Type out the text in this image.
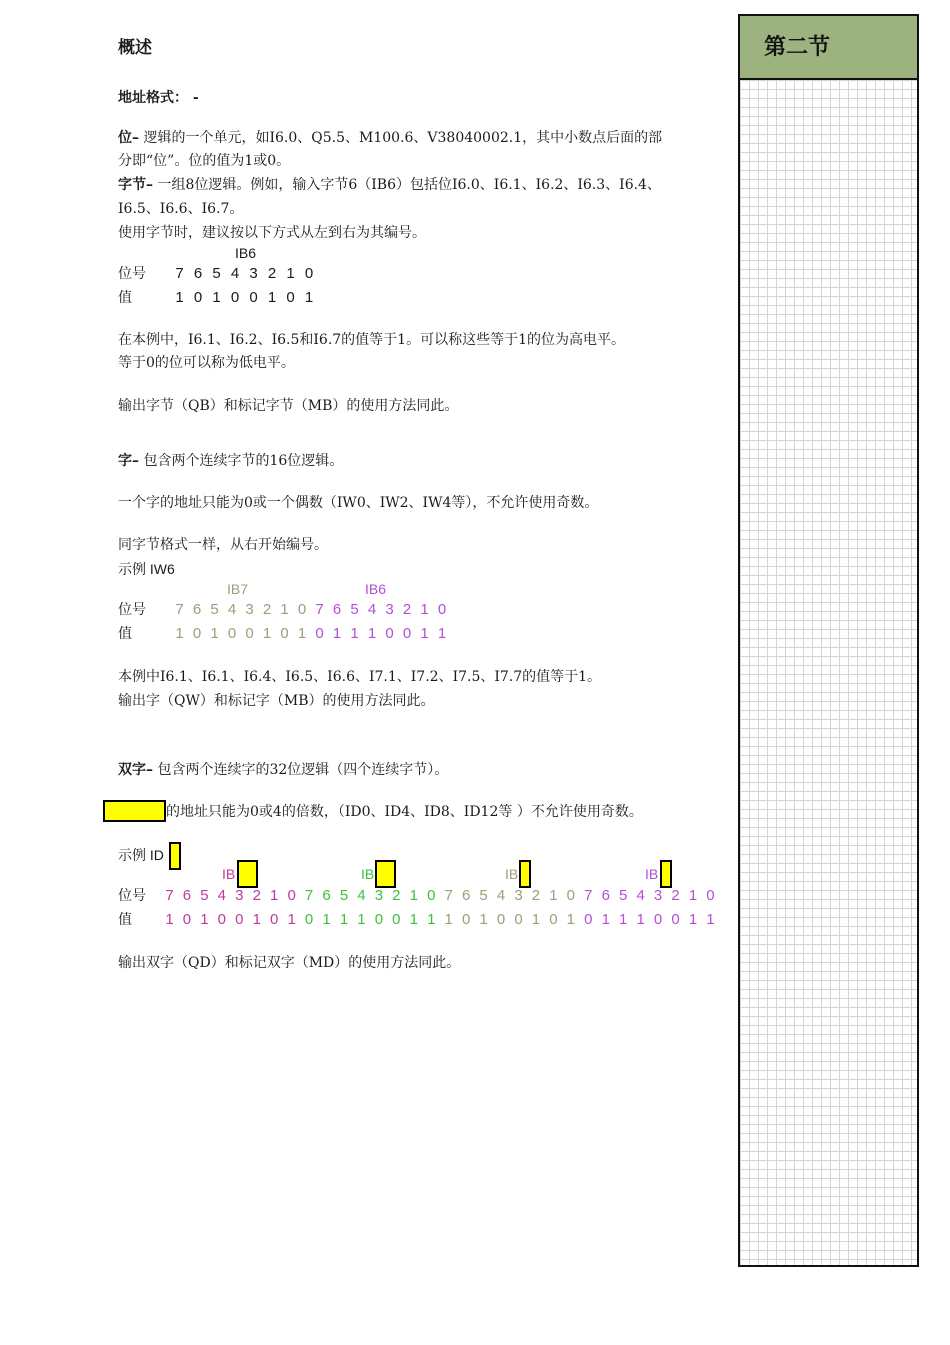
概述
地址格式： -
位– 逻辑的一个单元，如I6.0、Q5.5、M100.6、V38040002.1，其中小数点后面的部
分即“位”。位的值为1或0。
字节– 一组8位逻辑。例如，输入字节6（IB6）包括位I6.0、I6.1、I6.2、I6.3、I6.4、
I6.5、I6.6、I6.7。
使用字节时，建议按以下方式从左到右为其编号。
IB6
位号 7 6 5 4 3 2 1 0
值	1 0 1 0 0 1 0 1
在本例中，I6.1、I6.2、I6.5和I6.7的值等于1。可以称这些等于1的位为高电平。
等于0的位可以称为低电平。
输出字节（QB）和标记字节（MB）的使用方法同此。
字– 包含两个连续字节的16位逻辑。
一个字的地址只能为0或一个偶数（IW0、IW2、IW4等），不允许使用奇数。
同字节格式一样，从右开始编号。
示例 IW6
IB7	IB6
位号 7 6 5 4 3 2 1 0 7 6 5 4 3 2 1 0
值	1 0 1 0 0 1 0 1 0 1 1 1 0 0 1 1
本例中I6.1、I6.1、I6.4、I6.5、I6.6、I7.1、I7.2、I7.5、I7.7的值等于1。
输出字（QW）和标记字（MB）的使用方法同此。
双字– 包含两个连续字的32位逻辑（四个连续字节）。
的地址只能为0或4的倍数，（ID0、ID4、ID8、ID12等 ）不允许使用奇数。
示例 ID
IB	IB	IB	IB
位号 7 6 5 4 3 2 1 0 7 6 5 4 3 2 1 0 7 6 5 4 3 2 1 0 7 6 5 4 3 2 1 0
值 1 0 1 0 0 1 0 1 0 1 1 1 0 0 1 1 1 0 1 0 0 1 0 1 0 1 1 1 0 0 1 1
输出双字（QD）和标记双字（MD）的使用方法同此。
第二节
